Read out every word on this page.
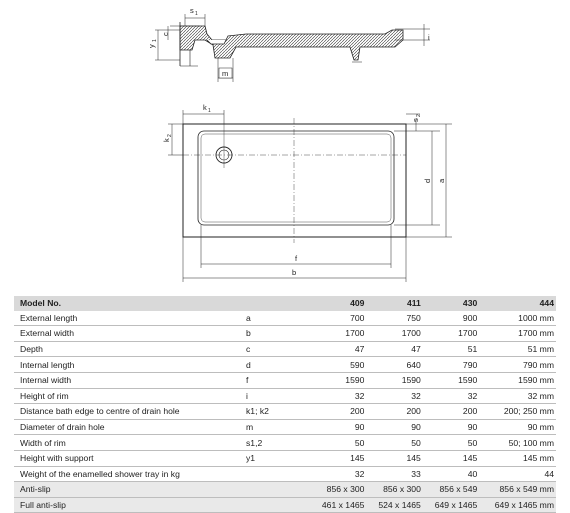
s 1
y
1
c
m
i
k 1
k
2
s
2
d a
f
b
Model No.		409	411	430	444
External length	a	700	750	900	1000 mm
External width	b	1700	1700	1700	1700 mm
Depth	c	47	47	51	51 mm
Internal length	d	590	640	790	790 mm
Internal width	f	1590	1590	1590	1590 mm
Height of rim	i	32	32	32	32 mm
Distance bath edge to centre of drain hole	k1; k2	200	200	200	200; 250 mm
Diameter of drain hole	m	90	90	90	90 mm
Width of rim	s1,2	50	50	50	50; 100 mm
Height with support	y1	145	145	145	145 mm
Weight of the enamelled shower tray in kg		32	33	40	44
Anti-slip		856 x 300	856 x 300	856 x 549	856 x 549 mm
Full anti-slip		461 x 1465	524 x 1465	649 x 1465	649 x 1465 mm
